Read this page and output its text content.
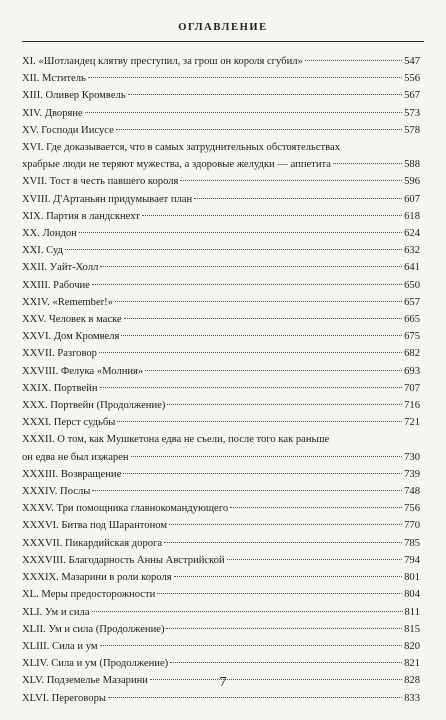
ОГЛАВЛЕНИЕ
XI. «Шотландец клятву преступил, за грош он короля сгубил»	547
XII. Мститель	556
XIII. Оливер Кромвель	567
XIV. Дворяне	573
XV. Господи Иисусе	578
XVI. Где доказывается, что в самых затруднительных обстоятельствах
храбрые люди не теряют мужества, а здоровые желудки — аппетита	588
XVII. Тост в честь павшего короля	596
XVIII. Д'Артаньян придумывает план	607
XIX. Партия в ландскнехт	618
XX. Лондон	624
XXI. Суд	632
XXII. Уайт-Холл	641
XXIII. Рабочие	650
XXIV. «Remember!»	657
XXV. Человек в маске	665
XXVI. Дом Кромвеля	675
XXVII. Разговор	682
XXVIII. Фелука «Молния»	693
XXIX. Портвейн	707
XXX. Портвейн (Продолжение)	716
XXXI. Перст судьбы	721
XXXII. О том, как Мушкетона едва не съели, после того как раньше
он едва не был изжарен	730
XXXIII. Возвращение	739
XXXIV. Послы	748
XXXV. Три помощника главнокомандующего	756
XXXVI. Битва под Шарантоном	770
XXXVII. Пикардийская дорога	785
XXXVIII. Благодарность Анны Австрийской	794
XXXIX. Мазарини в роли короля	801
XL. Меры предосторожности	804
XLI. Ум и сила	811
XLII. Ум и сила (Продолжение)	815
XLIII. Сила и ум	820
XLIV. Сила и ум (Продолжение)	821
XLV. Подземелье Мазарини	828
XLVI. Переговоры	833
7
